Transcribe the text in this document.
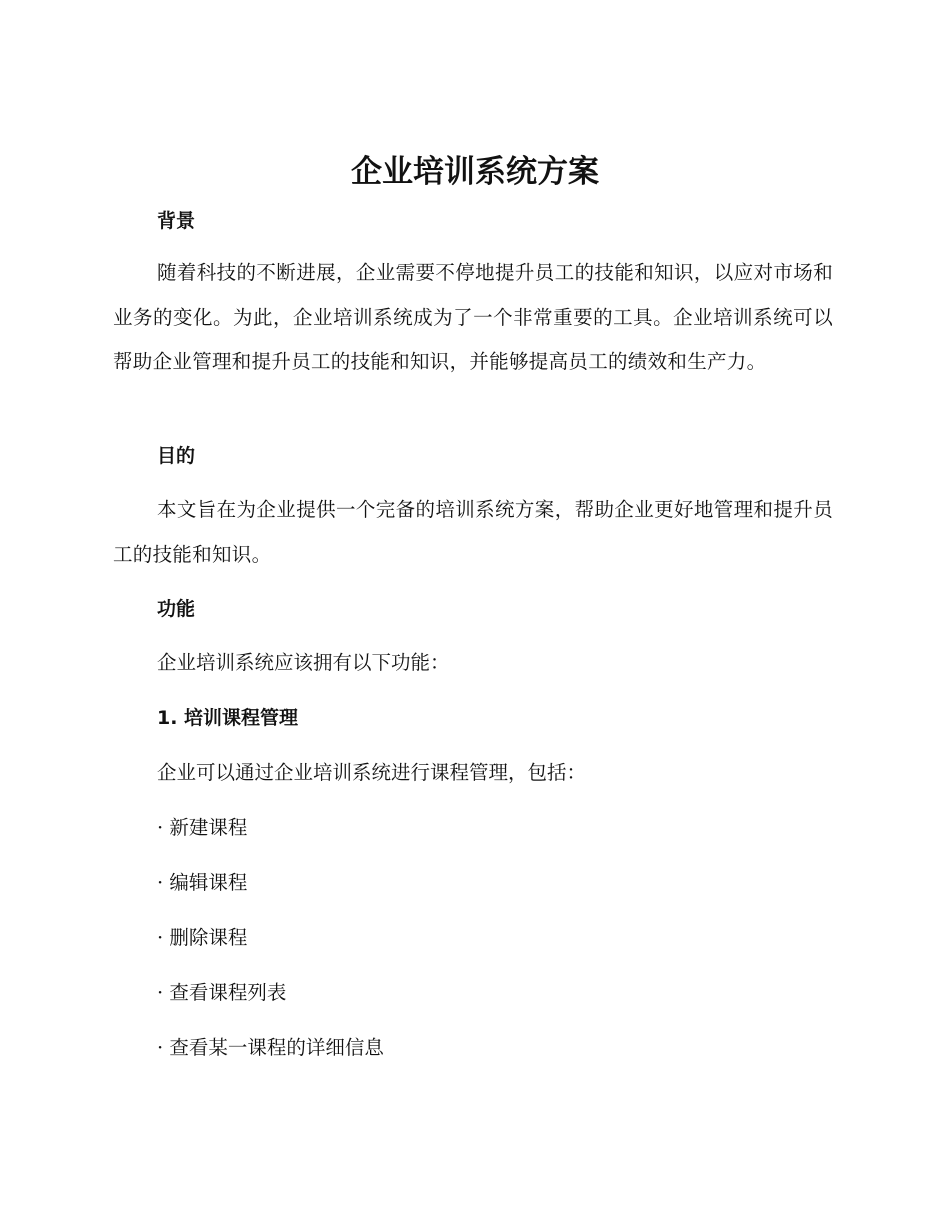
企业培训系统方案
背景

随着科技的不断进展，企业需要不停地提升员工的技能和知识，以应对市场和业务的变化。为此，企业培训系统成为了一个非常重要的工具。企业培训系统可以帮助企业管理和提升员工的技能和知识，并能够提高员工的绩效和生产力。

目的

本文旨在为企业提供一个完备的培训系统方案，帮助企业更好地管理和提升员工的技能和知识。

功能

企业培训系统应该拥有以下功能：

1. 培训课程管理

企业可以通过企业培训系统进行课程管理，包括：

· 新建课程

· 编辑课程

· 删除课程

· 查看课程列表

· 查看某一课程的详细信息
